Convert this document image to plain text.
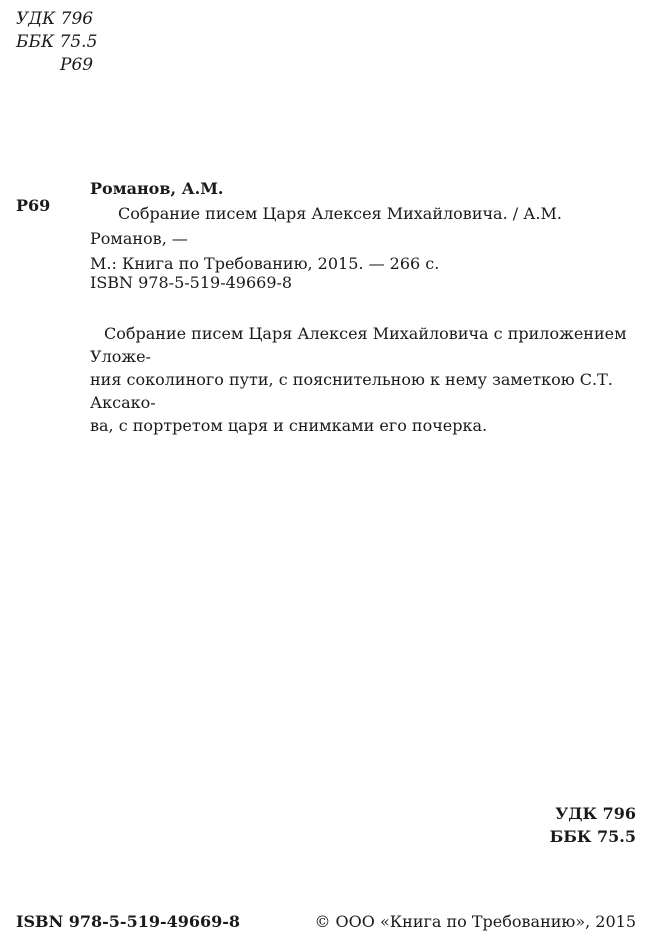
УДК 796
ББК 75.5
Р69
Р69
Романов, А.М.
Собрание писем Царя Алексея Михайловича. / А.М. Романов, —
М.: Книга по Требованию, 2015. — 266 с.
ISBN 978-5-519-49669-8
Собрание писем Царя Алексея Михайловича с приложением Уложе-
ния соколиного пути, с пояснительною к нему заметкою С.Т. Аксако-
ва, с портретом царя и снимками его почерка.
УДК 796
ББК 75.5
ISBN 978-5-519-49669-8	© ООО «Книга по Требованию», 2015
